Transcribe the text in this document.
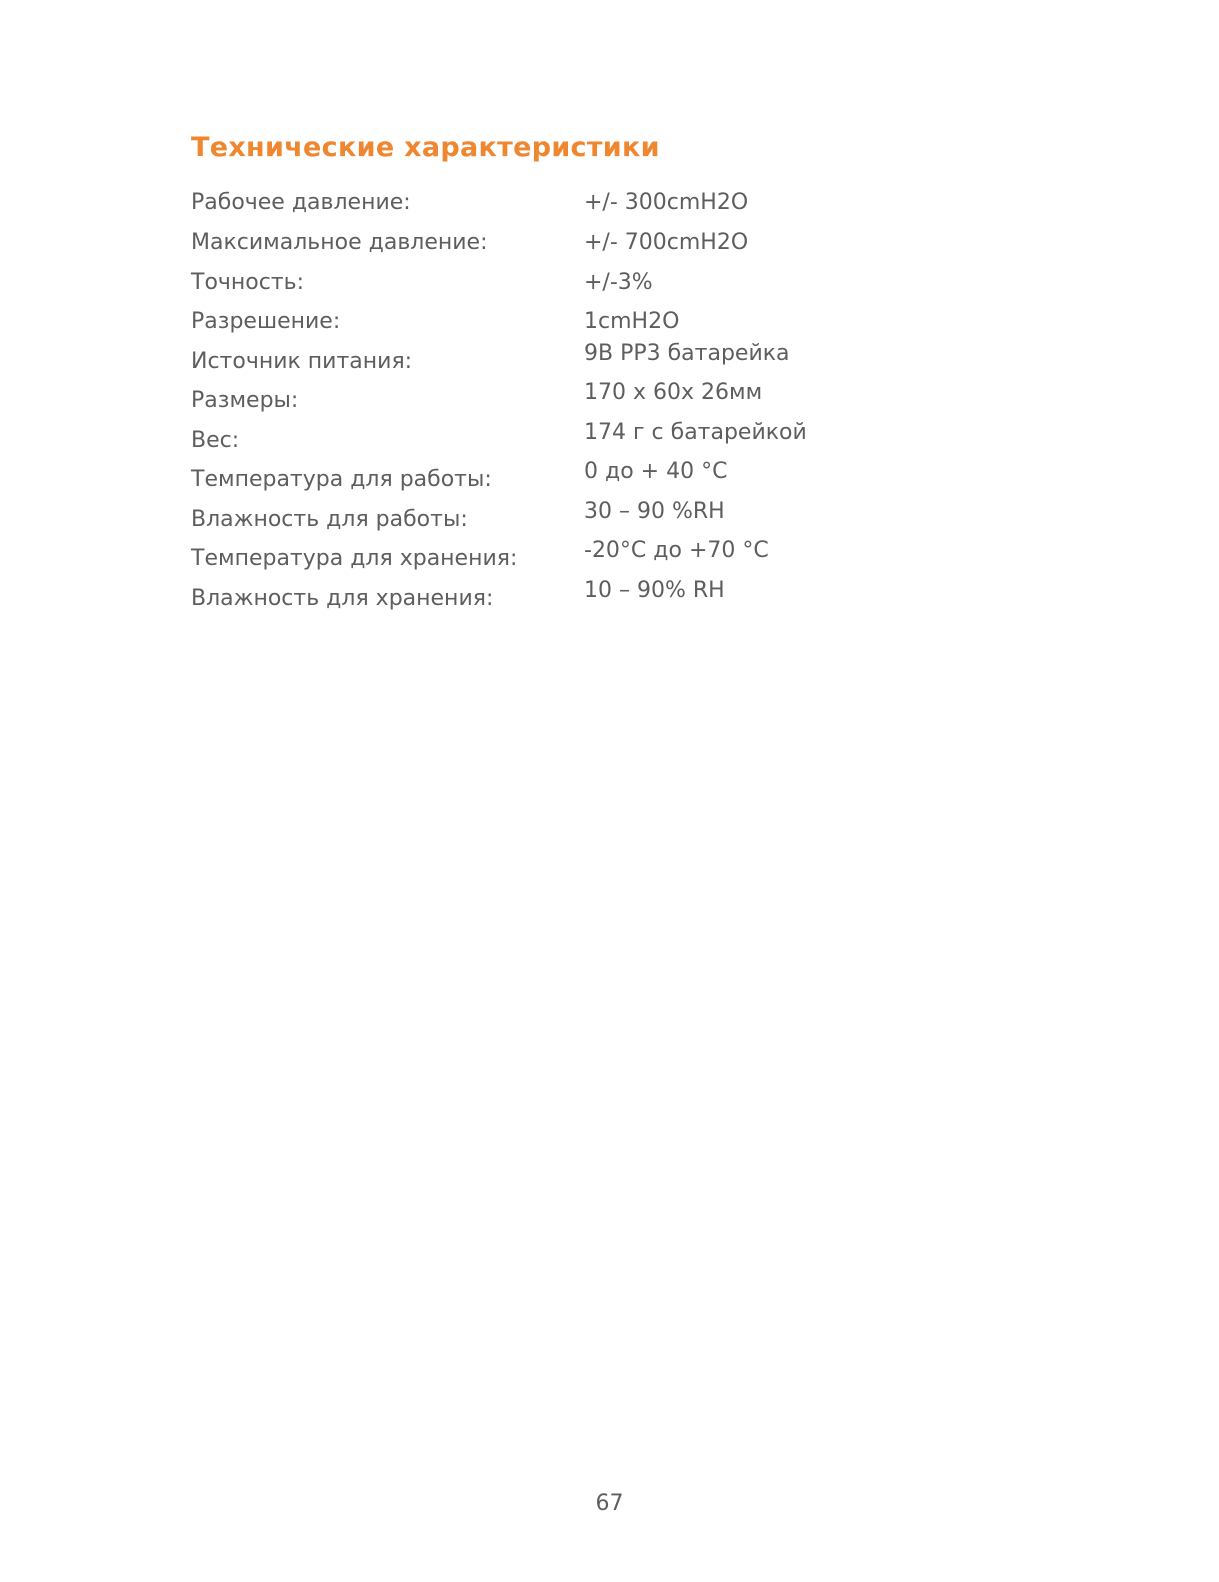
Технические характеристики
Рабочее давление:	+/- 300cmH2O
Максимальное давление:	+/- 700cmH2O
Точность:	+/-3%
Разрешение:	1cmH2O
Источник питания:	9B PP3 батарейка
Размеры:	170 x 60x 26мм
Вес:	174 г с батарейкой
Температура для работы:	0 до + 40 °C
Влажность для работы:	30 – 90 %RH
Температура для хранения:	-20°C до +70 °C
Влажность для хранения:	10 – 90% RH
67
